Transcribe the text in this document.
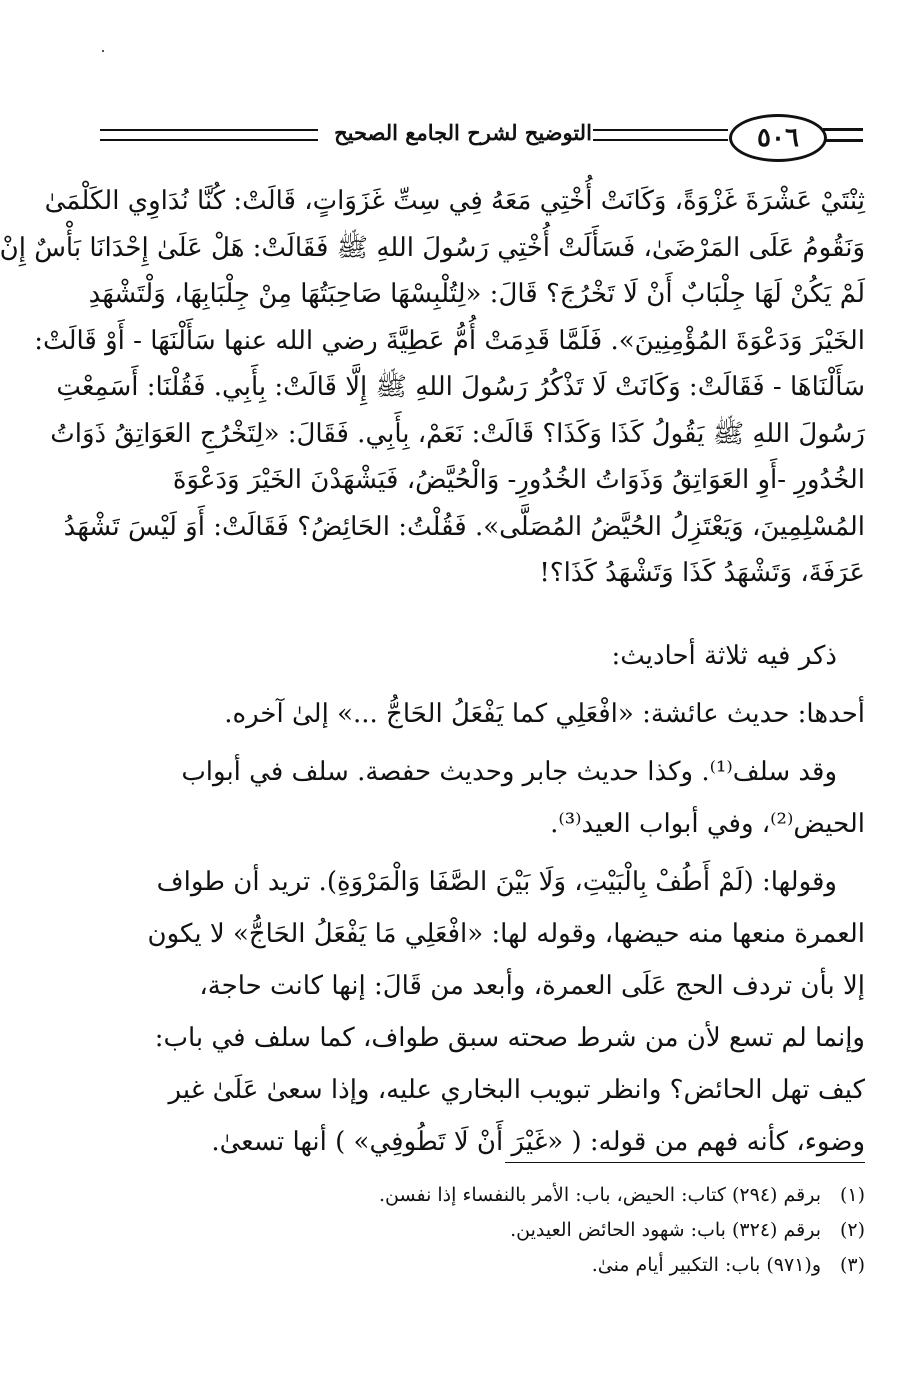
٥٠٦
التوضيح لشرح الجامع الصحيح
ثِنْتَيْ عَشْرَةَ غَزْوَةً، وَكَانَتْ أُخْتِي مَعَهُ فِي سِتِّ غَزَوَاتٍ، قَالَتْ: كُنَّا نُدَاوِي الكَلْمَىٰ
وَنَقُومُ عَلَى المَرْضَىٰ، فَسَأَلَتْ أُخْتِي رَسُولَ اللهِ ﷺ فَقَالَتْ: هَلْ عَلَىٰ إِحْدَانَا بَأْسٌ إِنْ
لَمْ يَكُنْ لَهَا جِلْبَابٌ أَنْ لَا تَخْرُجَ؟ قَالَ: «لِتُلْبِسْهَا صَاحِبَتُهَا مِنْ جِلْبَابِهَا، وَلْتَشْهَدِ
الخَيْرَ وَدَعْوَةَ المُؤْمِنِينَ». فَلَمَّا قَدِمَتْ أُمُّ عَطِيَّةَ رضي الله عنها سَأَلْنَهَا - أَوْ قَالَتْ:
سَأَلْنَاهَا - فَقَالَتْ: وَكَانَتْ لَا تَذْكُرُ رَسُولَ اللهِ ﷺ إِلَّا قَالَتْ: بِأَبِي. فَقُلْنَا: أَسَمِعْتِ
رَسُولَ اللهِ ﷺ يَقُولُ كَذَا وَكَذَا؟ قَالَتْ: نَعَمْ، بِأَبِي. فَقَالَ: «لِتَخْرُجِ العَوَاتِقُ ذَوَاتُ
الخُدُورِ -أَوِ العَوَاتِقُ وَذَوَاتُ الخُدُورِ- وَالْحُيَّضُ، فَيَشْهَدْنَ الخَيْرَ وَدَعْوَةَ
المُسْلِمِينَ، وَيَعْتَزِلُ الحُيَّضُ المُصَلَّى». فَقُلْتُ: الحَائِضُ؟ فَقَالَتْ: أَوَ لَيْسَ تَشْهَدُ
عَرَفَةَ، وَتَشْهَدُ كَذَا وَتَشْهَدُ كَذَا؟!
ذكر فيه ثلاثة أحاديث:
أحدها: حديث عائشة: «افْعَلِي كما يَفْعَلُ الحَاجُّ ...» إلىٰ آخره.
وقد سلف⁽¹⁾. وكذا حديث جابر وحديث حفصة. سلف في أبواب
الحيض⁽²⁾، وفي أبواب العيد⁽³⁾.
وقولها: (لَمْ أَطُفْ بِالْبَيْتِ، وَلَا بَيْنَ الصَّفَا وَالْمَرْوَةِ). تريد أن طواف
العمرة منعها منه حيضها، وقوله لها: «افْعَلِي مَا يَفْعَلُ الحَاجُّ» لا يكون
إلا بأن تردف الحج عَلَى العمرة، وأبعد من قَالَ: إنها كانت حاجة،
وإنما لم تسع لأن من شرط صحته سبق طواف، كما سلف في باب:
كيف تهل الحائض؟ وانظر تبويب البخاري عليه، وإذا سعىٰ عَلَىٰ غير
وضوء، كأنه فهم من قوله: ( «غَيْرَ أَنْ لَا تَطُوفِي» ) أنها تسعىٰ.
(١)
برقم (٢٩٤) كتاب: الحيض، باب: الأمر بالنفساء إذا نفسن.
(٢)
برقم (٣٢٤) باب: شهود الحائض العيدين.
(٣)
و(٩٧١) باب: التكبير أيام منىٰ.
